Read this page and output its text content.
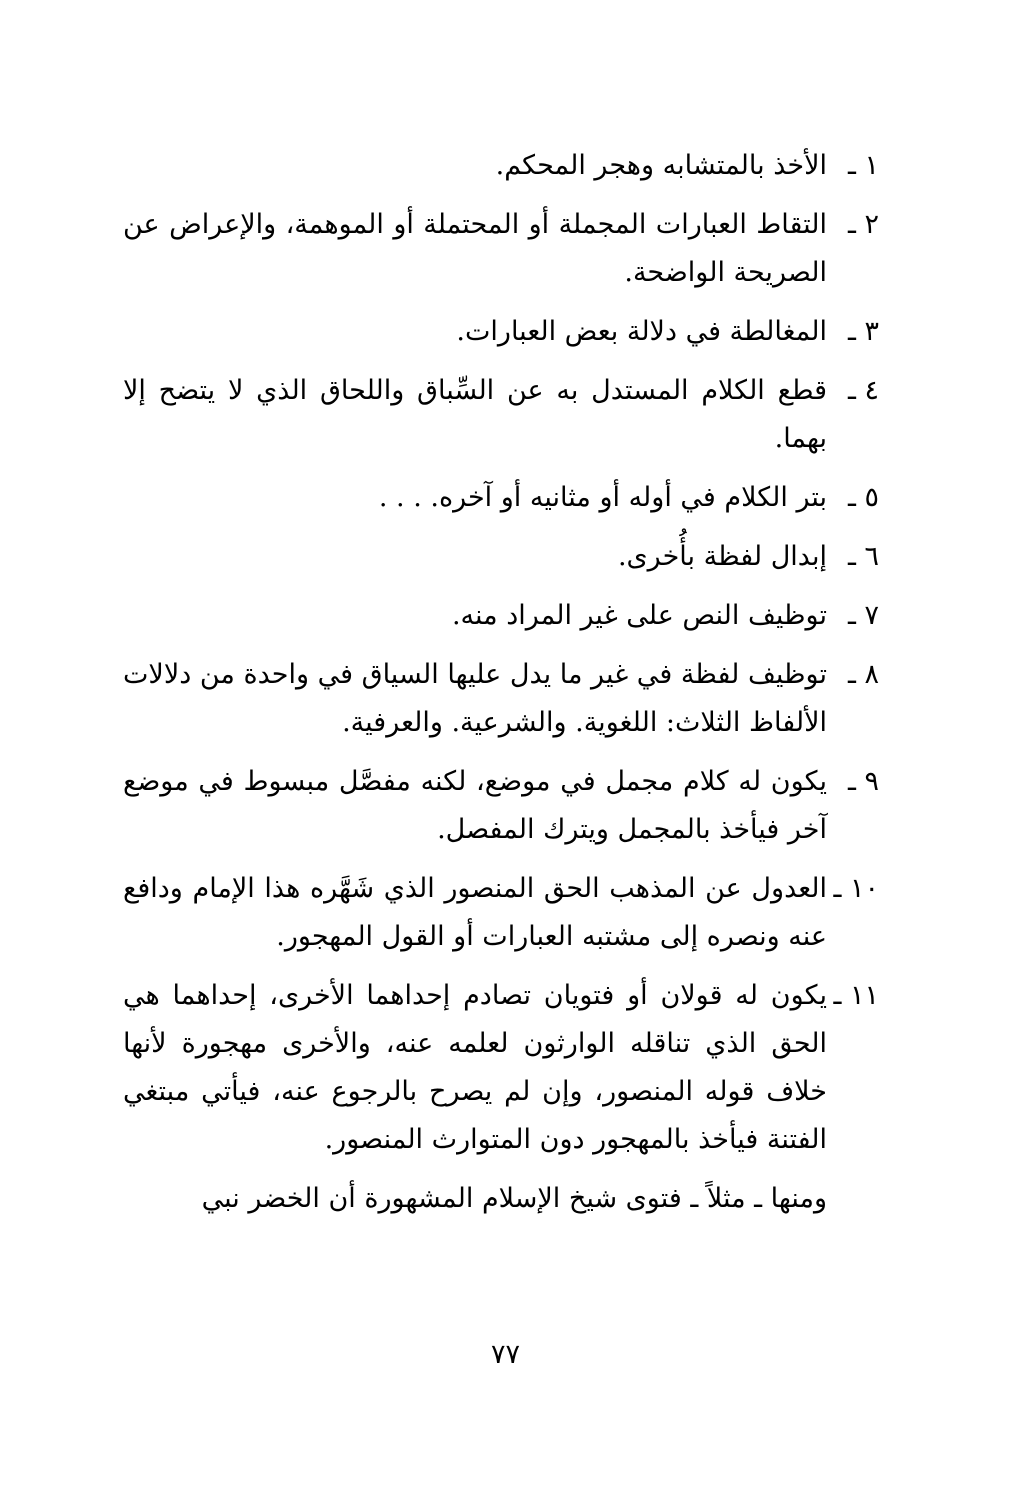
١ ـ
الأخذ بالمتشابه وهجر المحكم.
٢ ـ
التقاط العبارات المجملة أو المحتملة أو الموهمة، والإعراض عن الصريحة الواضحة.
٣ ـ
المغالطة في دلالة بعض العبارات.
٤ ـ
قطع الكلام المستدل به عن السِّباق واللحاق الذي لا يتضح إلا بهما.
٥ ـ
بتر الكلام في أوله أو مثانيه أو آخره. . . .
٦ ـ
إبدال لفظة بأُخرى.
٧ ـ
توظيف النص على غير المراد منه.
٨ ـ
توظيف لفظة في غير ما يدل عليها السياق في واحدة من دلالات الألفاظ الثلاث: اللغوية. والشرعية. والعرفية.
٩ ـ
يكون له كلام مجمل في موضع، لكنه مفصَّل مبسوط في موضع آخر فيأخذ بالمجمل ويترك المفصل.
١٠ ـ
العدول عن المذهب الحق المنصور الذي شَهَّره هذا الإمام ودافع عنه ونصره إلى مشتبه العبارات أو القول المهجور.
١١ ـ
يكون له قولان أو فتويان تصادم إحداهما الأخرى، إحداهما هي الحق الذي تناقله الوارثون لعلمه عنه، والأخرى مهجورة لأنها خلاف قوله المنصور، وإن لم يصرح بالرجوع عنه، فيأتي مبتغي الفتنة فيأخذ بالمهجور دون المتوارث المنصور.

ومنها ـ مثلاً ـ فتوى شيخ الإسلام المشهورة أن الخضر نبي

٧٧
